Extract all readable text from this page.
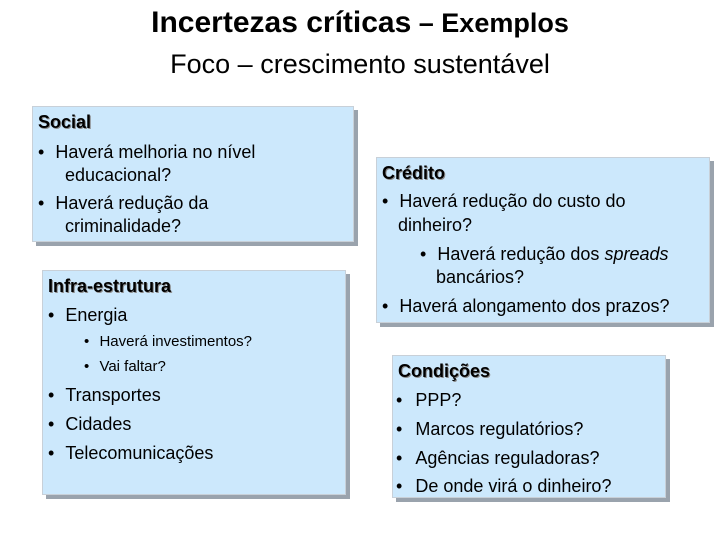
Incertezas críticas – Exemplos
Foco – crescimento sustentável
Social
• Haverá melhoria no nível
educacional?
• Haverá redução da
criminalidade?
Infra-estrutura
• Energia
• Haverá investimentos?
• Vai faltar?
• Transportes
• Cidades
• Telecomunicações
Crédito
• Haverá redução do custo do
dinheiro?
• Haverá redução dos spreads
bancários?
• Haverá alongamento dos prazos?
Condições
• PPP?
• Marcos regulatórios?
• Agências reguladoras?
• De onde virá o dinheiro?
